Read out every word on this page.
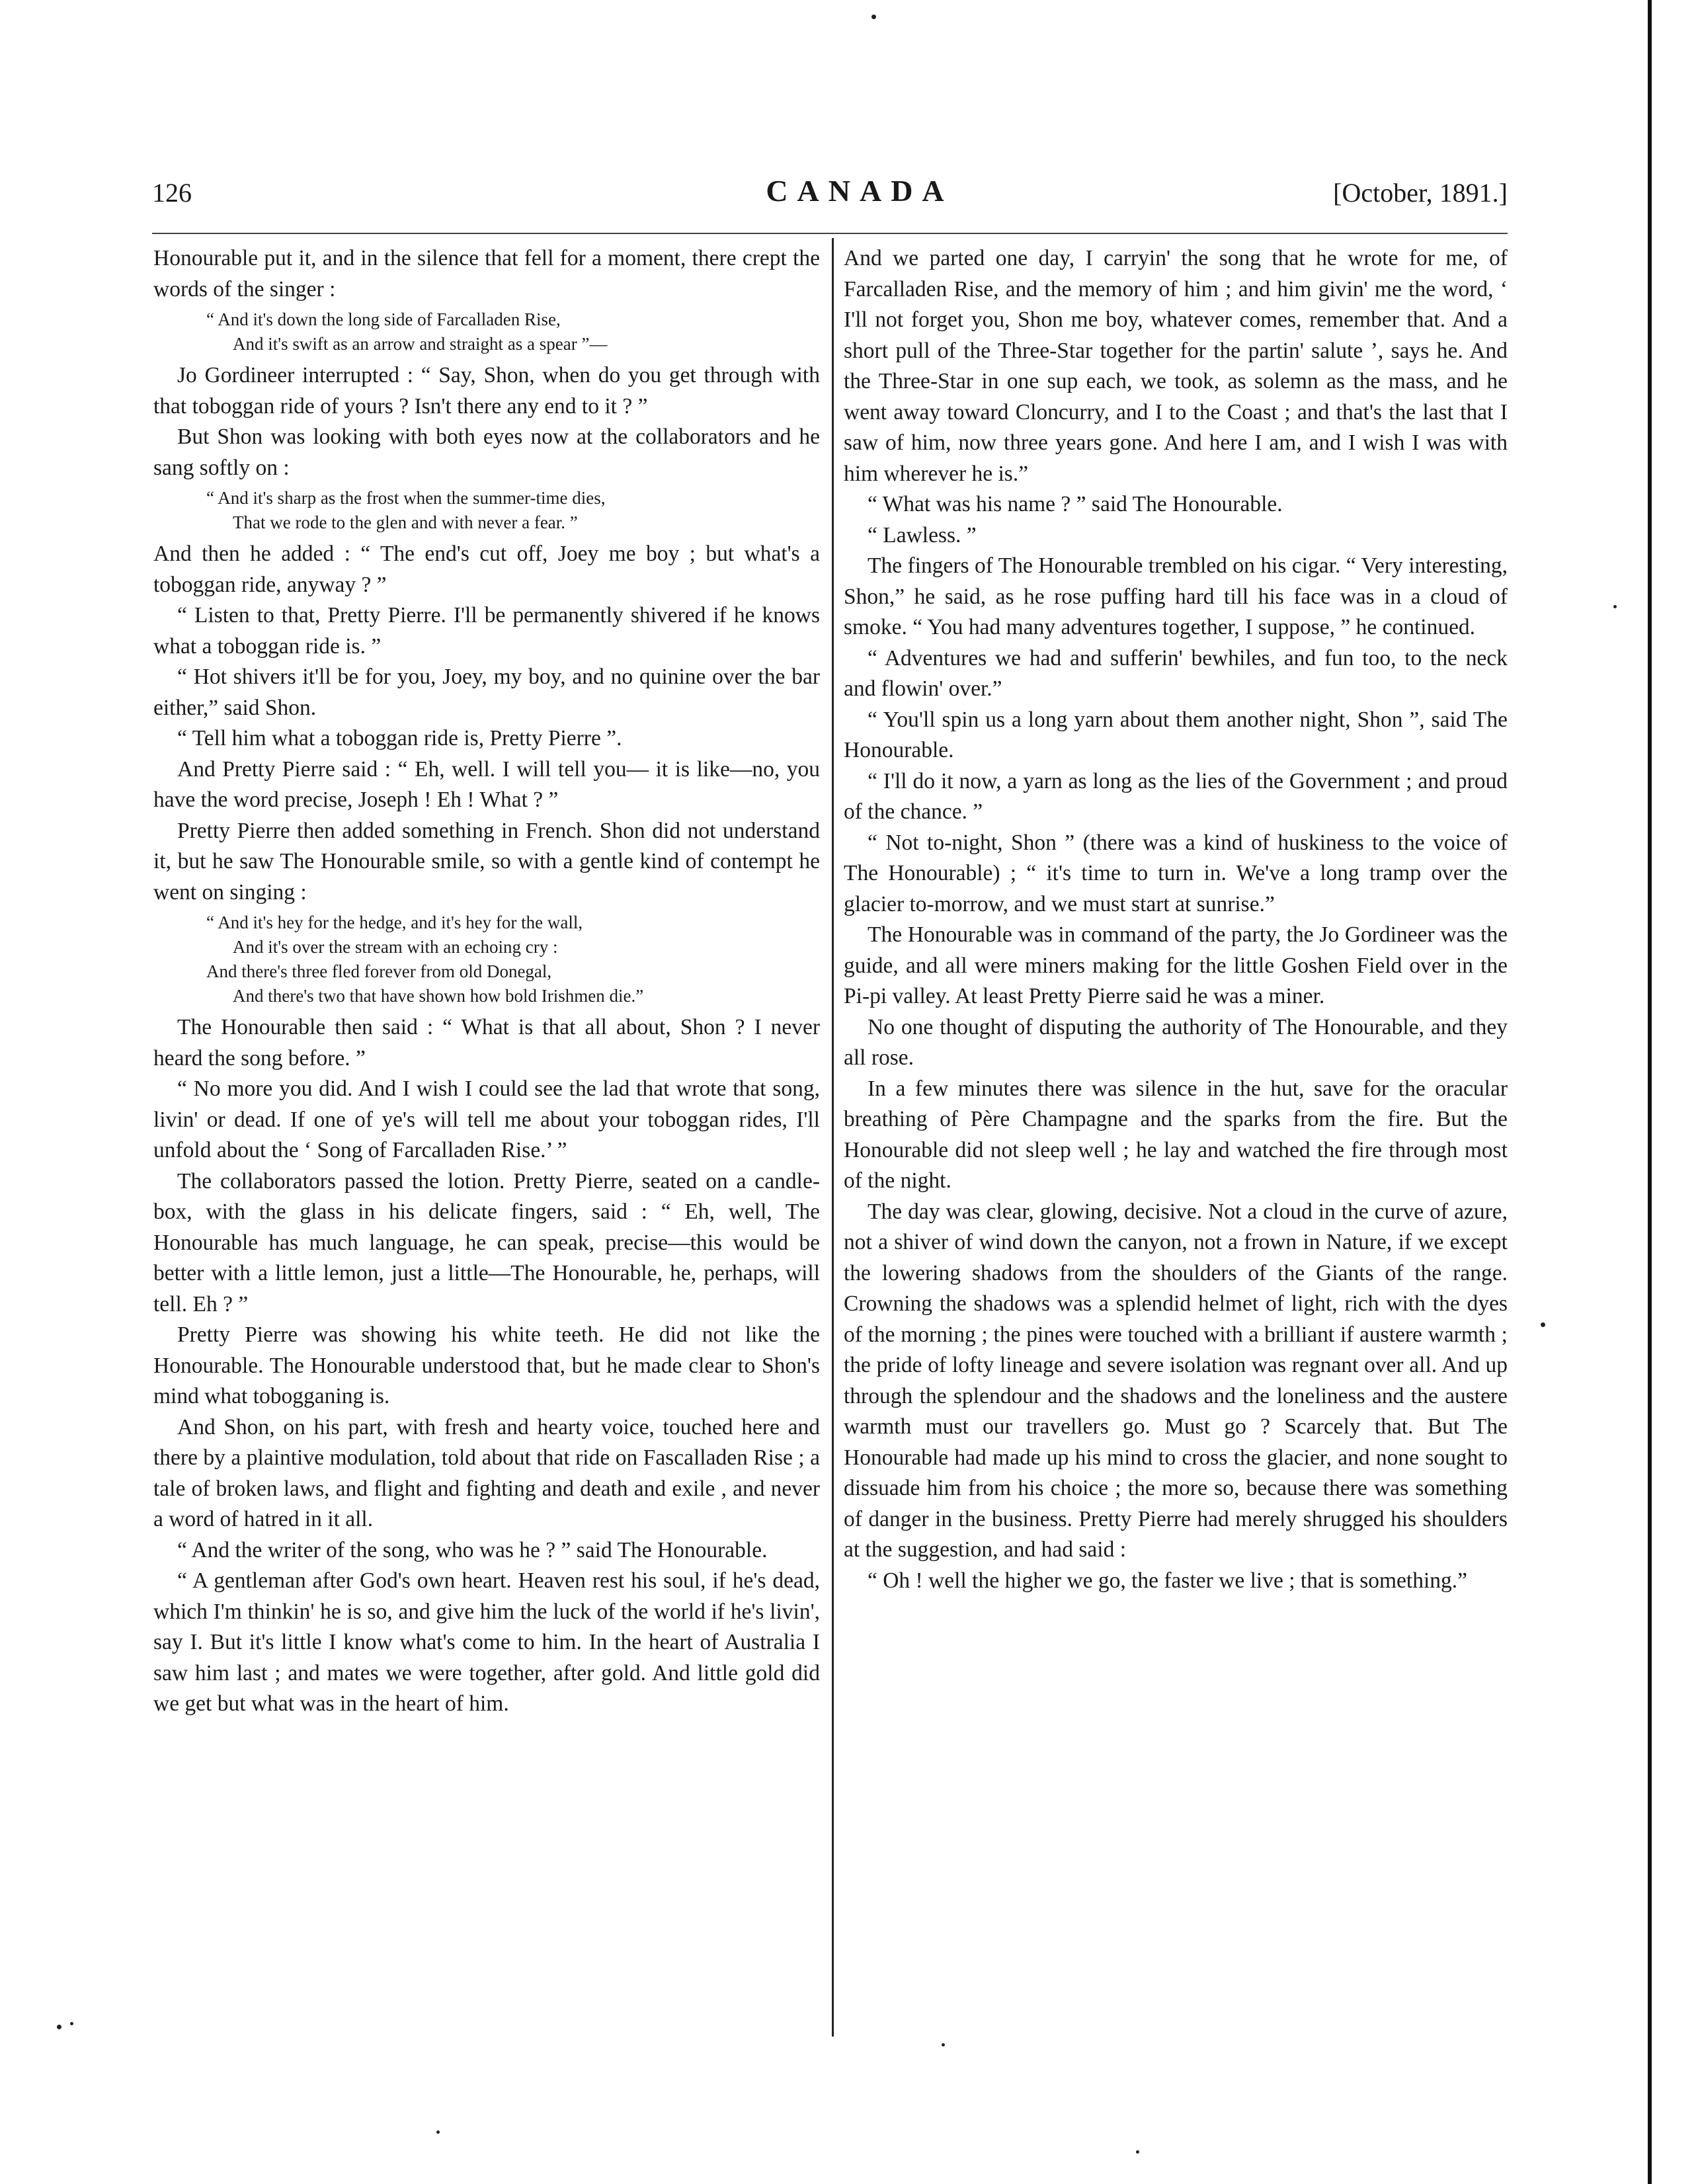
126	CANADA	[October, 1891.]

Honourable put it, and in the silence that fell for a moment, there crept the words of the singer :

“ And it's down the long side of Farcalladen Rise,
And it's swift as an arrow and straight as a spear ”—

Jo Gordineer interrupted : “ Say, Shon, when do you get through with that toboggan ride of yours ? Isn't there any end to it ? ”

But Shon was looking with both eyes now at the collaborators and he sang softly on :

“ And it's sharp as the frost when the summer-time dies,
That we rode to the glen and with never a fear. ”

And then he added : “ The end's cut off, Joey me boy ; but what's a toboggan ride, anyway ? ”

“ Listen to that, Pretty Pierre. I'll be permanently shivered if he knows what a toboggan ride is. ”

“ Hot shivers it'll be for you, Joey, my boy, and no quinine over the bar either,” said Shon.

“ Tell him what a toboggan ride is, Pretty Pierre ”.

And Pretty Pierre said : “ Eh, well. I will tell you— it is like—no, you have the word precise, Joseph ! Eh ! What ? ”

Pretty Pierre then added something in French. Shon did not understand it, but he saw The Honourable smile, so with a gentle kind of contempt he went on singing :

“ And it's hey for the hedge, and it's hey for the wall,
And it's over the stream with an echoing cry :
And there's three fled forever from old Donegal,
And there's two that have shown how bold Irishmen die.”

The Honourable then said : “ What is that all about, Shon ? I never heard the song before. ”

“ No more you did. And I wish I could see the lad that wrote that song, livin' or dead. If one of ye's will tell me about your toboggan rides, I'll unfold about the ‘ Song of Farcalladen Rise.’ ”

The collaborators passed the lotion. Pretty Pierre, seated on a candle-box, with the glass in his delicate fingers, said : “ Eh, well, The Honourable has much language, he can speak, precise—this would be better with a little lemon, just a little—The Honourable, he, perhaps, will tell. Eh ? ”

Pretty Pierre was showing his white teeth. He did not like the Honourable. The Honourable understood that, but he made clear to Shon's mind what tobogganing is.

And Shon, on his part, with fresh and hearty voice, touched here and there by a plaintive modulation, told about that ride on Fascalladen Rise ; a tale of broken laws, and flight and fighting and death and exile , and never a word of hatred in it all.

“ And the writer of the song, who was he ? ” said The Honourable.

“ A gentleman after God's own heart. Heaven rest his soul, if he's dead, which I'm thinkin' he is so, and give him the luck of the world if he's livin', say I. But it's little I know what's come to him. In the heart of Australia I saw him last ; and mates we were together, after gold. And little gold did we get but what was in the heart of him.

And we parted one day, I carryin' the song that he wrote for me, of Farcalladen Rise, and the memory of him ; and him givin' me the word, ‘ I'll not forget you, Shon me boy, whatever comes, remember that. And a short pull of the Three-Star together for the partin' salute ’, says he. And the Three-Star in one sup each, we took, as solemn as the mass, and he went away toward Cloncurry, and I to the Coast ; and that's the last that I saw of him, now three years gone. And here I am, and I wish I was with him wherever he is.”

“ What was his name ? ” said The Honourable.

“ Lawless. ”

The fingers of The Honourable trembled on his cigar. “ Very interesting, Shon,” he said, as he rose puffing hard till his face was in a cloud of smoke. “ You had many adventures together, I suppose, ” he continued.

“ Adventures we had and sufferin' bewhiles, and fun too, to the neck and flowin' over.”

“ You'll spin us a long yarn about them another night, Shon ”, said The Honourable.

“ I'll do it now, a yarn as long as the lies of the Government ; and proud of the chance. ”

“ Not to-night, Shon ” (there was a kind of huskiness to the voice of The Honourable) ; “ it's time to turn in. We've a long tramp over the glacier to-morrow, and we must start at sunrise.”

The Honourable was in command of the party, the Jo Gordineer was the guide, and all were miners making for the little Goshen Field over in the Pi-pi valley. At least Pretty Pierre said he was a miner.

No one thought of disputing the authority of The Honourable, and they all rose.

In a few minutes there was silence in the hut, save for the oracular breathing of Père Champagne and the sparks from the fire. But the Honourable did not sleep well ; he lay and watched the fire through most of the night.

The day was clear, glowing, decisive. Not a cloud in the curve of azure, not a shiver of wind down the canyon, not a frown in Nature, if we except the lowering shadows from the shoulders of the Giants of the range. Crowning the shadows was a splendid helmet of light, rich with the dyes of the morning ; the pines were touched with a brilliant if austere warmth ; the pride of lofty lineage and severe isolation was regnant over all. And up through the splendour and the shadows and the loneliness and the austere warmth must our travellers go. Must go ? Scarcely that. But The Honourable had made up his mind to cross the glacier, and none sought to dissuade him from his choice ; the more so, because there was something of danger in the business. Pretty Pierre had merely shrugged his shoulders at the suggestion, and had said :

“ Oh ! well the higher we go, the faster we live ; that is something.”
